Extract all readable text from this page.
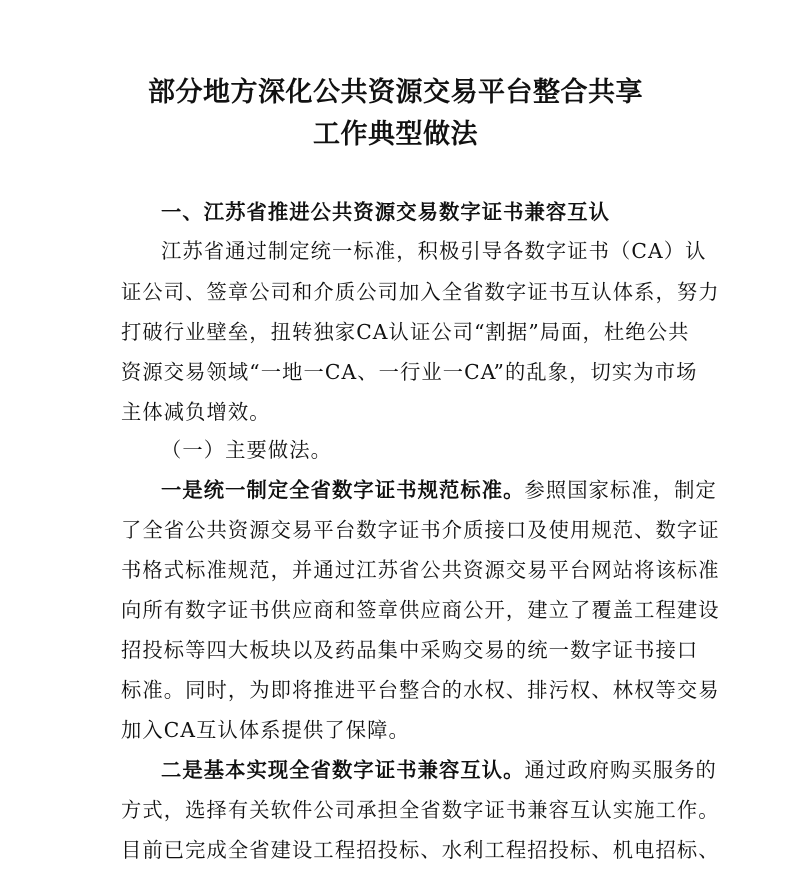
部分地方深化公共资源交易平台整合共享
工作典型做法
一、江苏省推进公共资源交易数字证书兼容互认
江苏省通过制定统一标准，积极引导各数字证书（CA）认
证公司、签章公司和介质公司加入全省数字证书互认体系，努力
打破行业壁垒，扭转独家CA认证公司“割据”局面，杜绝公共
资源交易领域“一地一CA、一行业一CA”的乱象，切实为市场
主体减负增效。
（一）主要做法。
一是统一制定全省数字证书规范标准。参照国家标准，制定
了全省公共资源交易平台数字证书介质接口及使用规范、数字证
书格式标准规范，并通过江苏省公共资源交易平台网站将该标准
向所有数字证书供应商和签章供应商公开，建立了覆盖工程建设
招投标等四大板块以及药品集中采购交易的统一数字证书接口
标准。同时，为即将推进平台整合的水权、排污权、林权等交易
加入CA互认体系提供了保障。
二是基本实现全省数字证书兼容互认。通过政府购买服务的
方式，选择有关软件公司承担全省数字证书兼容互认实施工作。
目前已完成全省建设工程招投标、水利工程招投标、机电招标、
